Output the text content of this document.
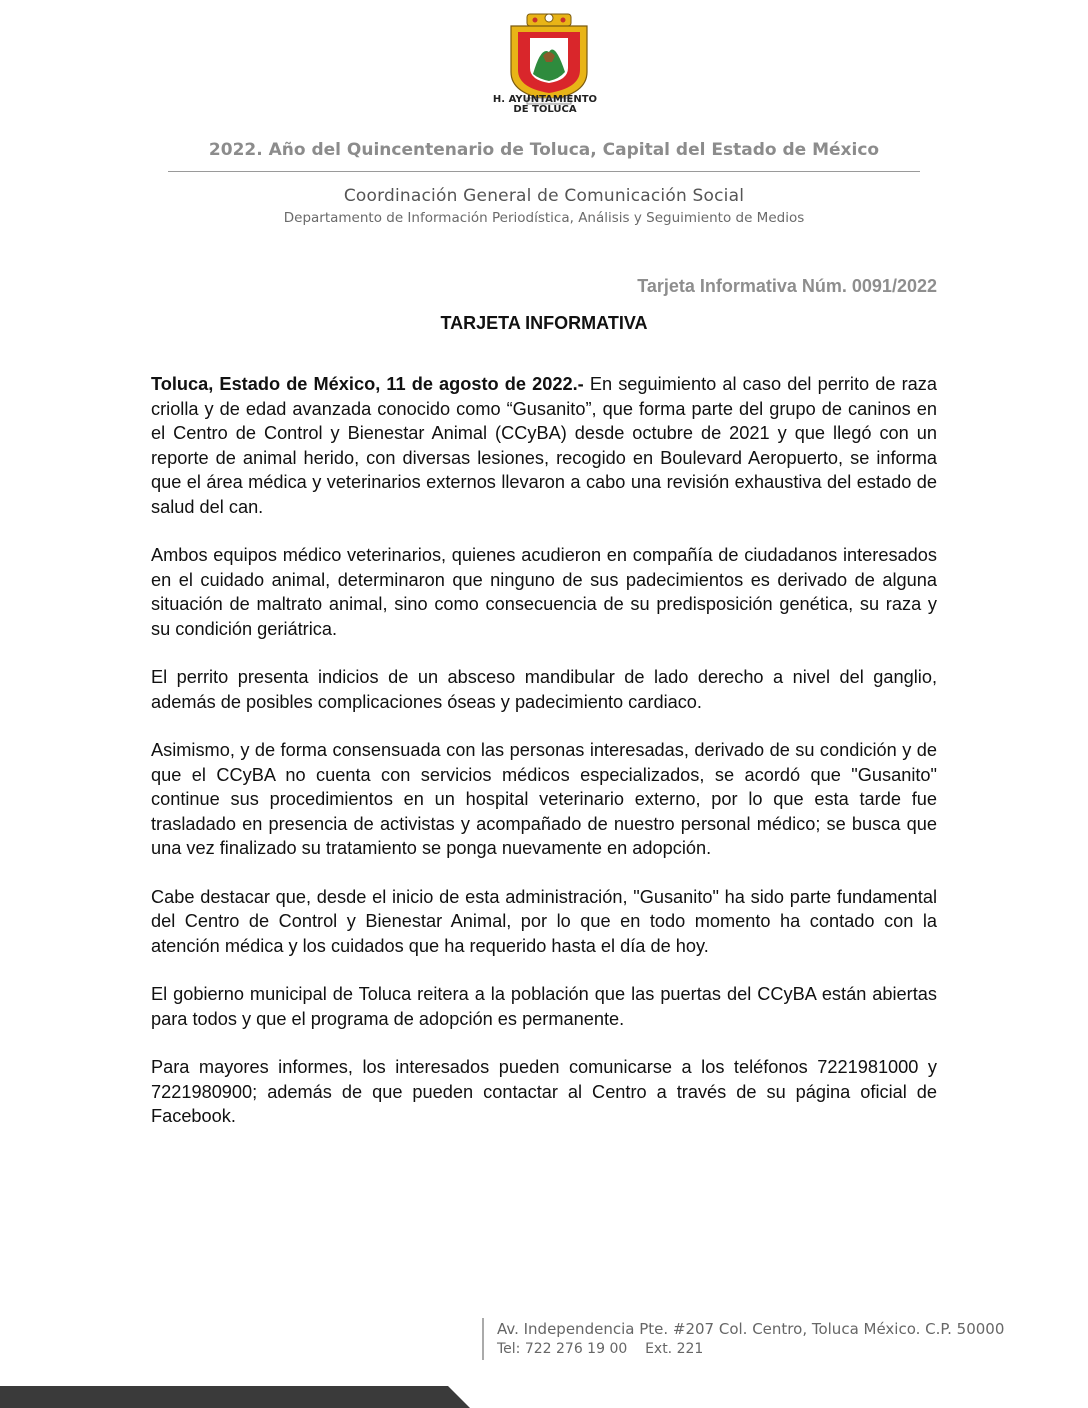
H. AYUNTAMIENTO
DE TOLUCA
2022. Año del Quincentenario de Toluca, Capital del Estado de México
Coordinación General de Comunicación Social
Departamento de Información Periodística, Análisis y Seguimiento de Medios
Tarjeta Informativa Núm. 0091/2022
TARJETA INFORMATIVA

Toluca, Estado de México, 11 de agosto de 2022.- En seguimiento al caso del perrito de raza criolla y de edad avanzada conocido como “Gusanito”, que forma parte del grupo de caninos en el Centro de Control y Bienestar Animal (CCyBA) desde octubre de 2021 y que llegó con un reporte de animal herido, con diversas lesiones, recogido en Boulevard Aeropuerto, se informa que el área médica y veterinarios externos llevaron a cabo una revisión exhaustiva del estado de salud del can.

Ambos equipos médico veterinarios, quienes acudieron en compañía de ciudadanos interesados en el cuidado animal, determinaron que ninguno de sus padecimientos es derivado de alguna situación de maltrato animal, sino como consecuencia de su predisposición genética, su raza y su condición geriátrica.

El perrito presenta indicios de un absceso mandibular de lado derecho a nivel del ganglio, además de posibles complicaciones óseas y padecimiento cardiaco.

Asimismo, y de forma consensuada con las personas interesadas, derivado de su condición y de que el CCyBA no cuenta con servicios médicos especializados, se acordó que "Gusanito" continue sus procedimientos en un hospital veterinario externo, por lo que esta tarde fue trasladado en presencia de activistas y acompañado de nuestro personal médico; se busca que una vez finalizado su tratamiento se ponga nuevamente en adopción.

Cabe destacar que, desde el inicio de esta administración, "Gusanito" ha sido parte fundamental del Centro de Control y Bienestar Animal, por lo que en todo momento ha contado con la atención médica y los cuidados que ha requerido hasta el día de hoy.

El gobierno municipal de Toluca reitera a la población que las puertas del CCyBA están abiertas para todos y que el programa de adopción es permanente.

Para mayores informes, los interesados pueden comunicarse a los teléfonos 7221981000 y 7221980900; además de que pueden contactar al Centro a través de su página oficial de Facebook.

Av. Independencia Pte. #207 Col. Centro, Toluca México. C.P. 50000
Tel: 722 276 19 00    Ext. 221
